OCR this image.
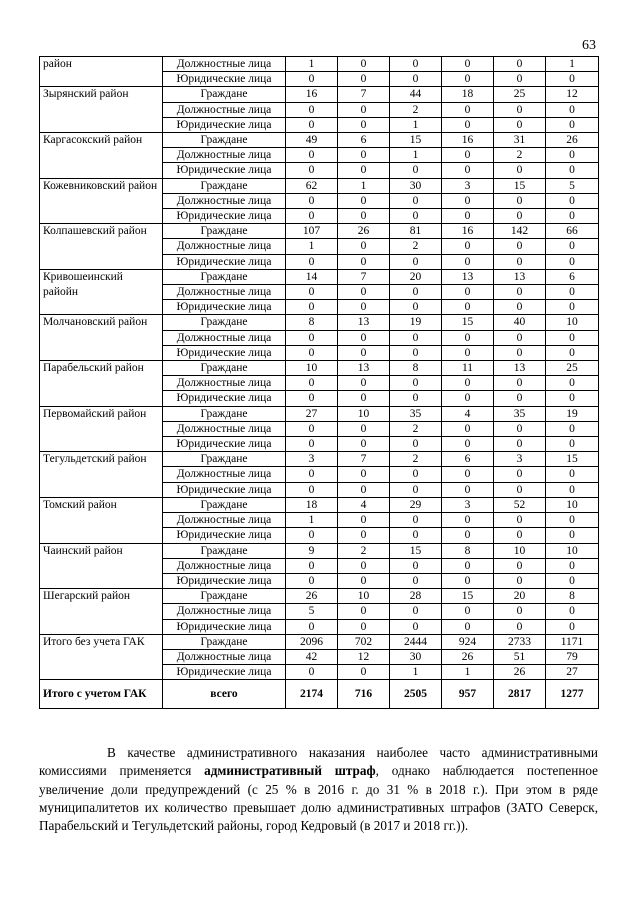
63
район	Должностные лица	1	0	0	0	0	1
	Юридические лица	0	0	0	0	0	0
Зырянский район	Граждане	16	7	44	18	25	12
	Должностные лица	0	0	2	0	0	0
	Юридические лица	0	0	1	0	0	0
Каргасокский район	Граждане	49	6	15	16	31	26
	Должностные лица	0	0	1	0	2	0
	Юридические лица	0	0	0	0	0	0
Кожевниковский район	Граждане	62	1	30	3	15	5
	Должностные лица	0	0	0	0	0	0
	Юридические лица	0	0	0	0	0	0
Колпашевский район	Граждане	107	26	81	16	142	66
	Должностные лица	1	0	2	0	0	0
	Юридические лица	0	0	0	0	0	0
Кривошеинский райойн	Граждане	14	7	20	13	13	6
	Должностные лица	0	0	0	0	0	0
	Юридические лица	0	0	0	0	0	0
Молчановский район	Граждане	8	13	19	15	40	10
	Должностные лица	0	0	0	0	0	0
	Юридические лица	0	0	0	0	0	0
Парабельский район	Граждане	10	13	8	11	13	25
	Должностные лица	0	0	0	0	0	0
	Юридические лица	0	0	0	0	0	0
Первомайский район	Граждане	27	10	35	4	35	19
	Должностные лица	0	0	2	0	0	0
	Юридические лица	0	0	0	0	0	0
Тегульдетский район	Граждане	3	7	2	6	3	15
	Должностные лица	0	0	0	0	0	0
	Юридические лица	0	0	0	0	0	0
Томский район	Граждане	18	4	29	3	52	10
	Должностные лица	1	0	0	0	0	0
	Юридические лица	0	0	0	0	0	0
Чаинский район	Граждане	9	2	15	8	10	10
	Должностные лица	0	0	0	0	0	0
	Юридические лица	0	0	0	0	0	0
Шегарский район	Граждане	26	10	28	15	20	8
	Должностные лица	5	0	0	0	0	0
	Юридические лица	0	0	0	0	0	0
Итого без учета ГАК	Граждане	2096	702	2444	924	2733	1171
	Должностные лица	42	12	30	26	51	79
	Юридические лица	0	0	1	1	26	27
Итого с учетом ГАК	всего	2174	716	2505	957	2817	1277

В качестве административного наказания наиболее часто административными комиссиями применяется административный штраф, однако наблюдается постепенное увеличение доли предупреждений (с 25 % в 2016 г. до 31 % в 2018 г.). При этом в ряде муниципалитетов их количество превышает долю административных штрафов (ЗАТО Северск, Парабельский и Тегульдетский районы, город Кедровый (в 2017 и 2018 гг.)).
